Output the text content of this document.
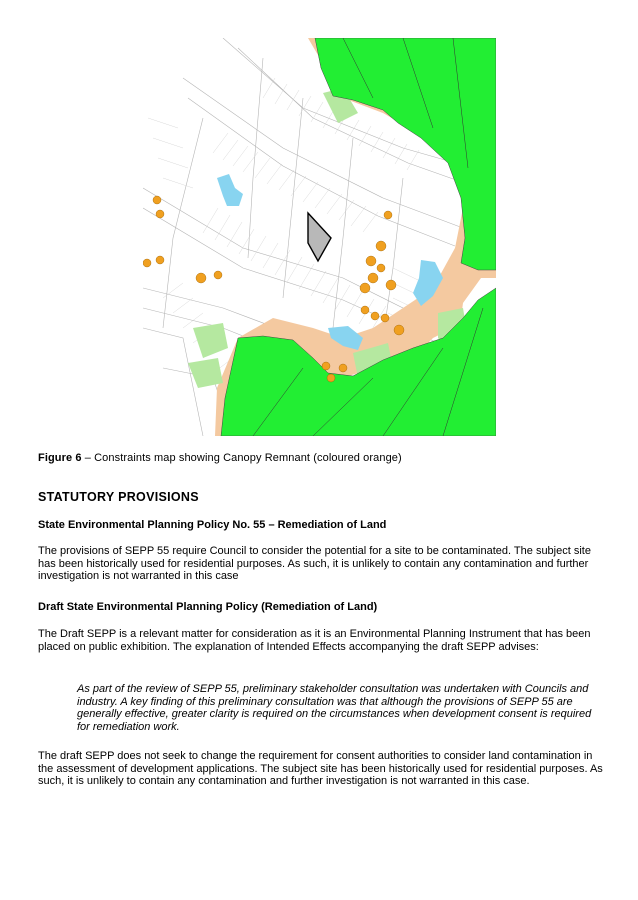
Figure 6 – Constraints map showing Canopy Remnant (coloured orange)
STATUTORY PROVISIONS
State Environmental Planning Policy No. 55 – Remediation of Land
The provisions of SEPP 55 require Council to consider the potential for a site to be contaminated. The subject site has been historically used for residential purposes. As such, it is unlikely to contain any contamination and further investigation is not warranted in this case
Draft State Environmental Planning Policy (Remediation of Land)
The Draft SEPP is a relevant matter for consideration as it is an Environmental Planning Instrument that has been placed on public exhibition. The explanation of Intended Effects accompanying the draft SEPP advises:
As part of the review of SEPP 55, preliminary stakeholder consultation was undertaken with Councils and industry. A key finding of this preliminary consultation was that although the provisions of SEPP 55 are generally effective, greater clarity is required on the circumstances when development consent is required for remediation work.
The draft SEPP does not seek to change the requirement for consent authorities to consider land contamination in the assessment of development applications. The subject site has been historically used for residential purposes. As such, it is unlikely to contain any contamination and further investigation is not warranted in this case.
